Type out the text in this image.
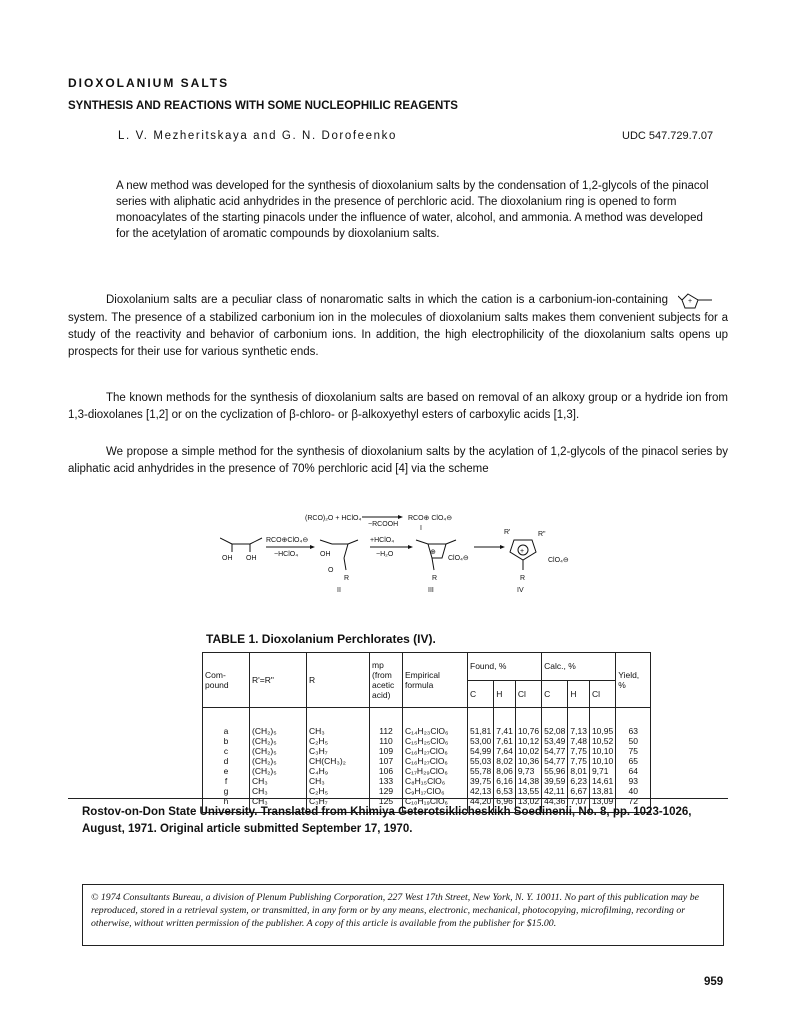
DIOXOLANIUM SALTS
SYNTHESIS AND REACTIONS WITH SOME NUCLEOPHILIC REAGENTS
L. V. Mezheritskaya and G. N. Dorofeenko	UDC 547.729.7.07

A new method was developed for the synthesis of dioxolanium salts by the condensation of 1,2-glycols of the pinacol series with aliphatic acid anhydrides in the presence of perchloric acid. The dioxolanium ring is opened to form monoacylates of the starting pinacols under the influence of water, alcohol, and ammonia. A method was developed for the acetylation of aromatic compounds by dioxolanium salts.

Dioxolanium salts are a peculiar class of nonaromatic salts in which the cation is a carbonium-ion-containing	+
system. The presence of a stabilized carbonium ion in the molecules of dioxolanium salts makes them convenient subjects for a study of the reactivity and behavior of carbonium ions. In addition, the high electrophilicity of the dioxolanium salts opens up prospects for their use for various synthetic ends.

The known methods for the synthesis of dioxolanium salts are based on removal of an alkoxy group or a hydride ion from 1,3-dioxolanes [1,2] or on the cyclization of β-chloro- or β-alkoxyethyl esters of carboxylic acids [1,3].

We propose a simple method for the synthesis of dioxolanium salts by the acylation of 1,2-glycols of the pinacol series by aliphatic acid anhydrides in the presence of 70% perchloric acid [4] via the scheme

(RCO)₂O + HClO₄
−RCOOH
RCO⊕ ClO₄⊖
I
OH OH
RCO⊕ClO₄⊖
−HClO₄	OH
O
R
II
+HClO₄
−H₂O	⊕
ClO₄⊖
R
III
R'	R"
+
R
ClO₄⊖
IV
TABLE 1. Dioxolanium Perchlorates (IV).
Com-pound	R'=R"	R	mp (from acetic acid)	Empirical formula	Found, %			Calc., %			Yield, %
					C	H	Cl	C	H	Cl	
a	(CH₂)₅	CH₃	112	C₁₄H₂₃ClO₆	51,81	7,41	10,76	52,08	7,13	10,95	63
b	(CH₂)₅	C₂H₅	110	C₁₅H₂₅ClO₆	53,00	7,61	10,12	53,49	7,48	10,52	50
c	(CH₂)₅	C₃H₇	109	C₁₆H₂₇ClO₆	54,99	7,64	10,02	54,77	7,75	10,10	75
d	(CH₂)₅	CH(CH₃)₂	107	C₁₆H₂₇ClO₆	55,03	8,02	10,36	54,77	7,75	10,10	65
e	(CH₂)₅	C₄H₉	106	C₁₇H₂₉ClO₆	55,78	8,06	9,73	55,96	8,01	9,71	64
f	CH₃	CH₃	133	C₈H₁₅ClO₆	39,75	6,16	14,38	39,59	6,23	14,61	93
g	CH₃	C₂H₅	129	C₉H₁₇ClO₆	42,13	6,53	13,55	42,11	6,67	13,81	40
h	CH₃	C₃H₇	125	C₁₀H₁₉ClO₆	44,20	6,96	13,02	44,36	7,07	13,09	72

Rostov-on-Don State University. Translated from Khimiya Geterotsiklicheskikh Soedinenii, No. 8, pp. 1023-1026, August, 1971. Original article submitted September 17, 1970.

© 1974 Consultants Bureau, a division of Plenum Publishing Corporation, 227 West 17th Street, New York, N. Y. 10011. No part of this publication may be reproduced, stored in a retrieval system, or transmitted, in any form or by any means, electronic, mechanical, photocopying, microfilming, recording or otherwise, without written permission of the publisher. A copy of this article is available from the publisher for $15.00.
959
